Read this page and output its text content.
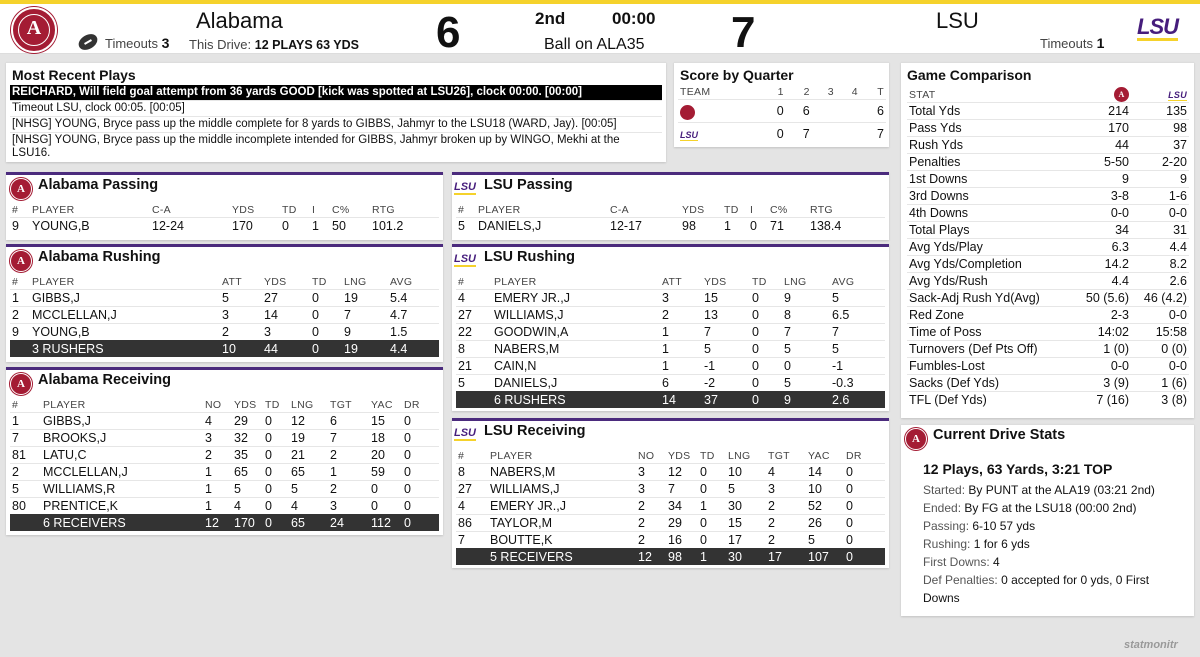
A	Alabama
Timeouts 3 This Drive: 12 PLAYS 63 YDS 6	2nd	00:00
Ball on ALA35 7	LSU
Timeouts 1
LSU
Most Recent Plays
REICHARD, Will field goal attempt from 36 yards GOOD [kick was spotted at LSU26], clock 00:00. [00:00]
Timeout LSU, clock 00:05. [00:05]
[NHSG] YOUNG, Bryce pass up the middle complete for 8 yards to GIBBS, Jahmyr to the LSU18 (WARD, Jay). [00:05]
[NHSG] YOUNG, Bryce pass up the middle incomplete intended for GIBBS, Jahmyr broken up by WINGO, Mekhi at the LSU16.
Score by Quarter
TEAM	1	2	3	4	T
	0	6			6
LSU	0	7			7
Game Comparison
STAT	A	LSU
Total Yds	214	135
Pass Yds	170	98
Rush Yds	44	37
Penalties	5-50	2-20
1st Downs	9	9
3rd Downs	3-8	1-6
4th Downs	0-0	0-0
Total Plays	34	31
Avg Yds/Play	6.3	4.4
Avg Yds/Completion	14.2	8.2
Avg Yds/Rush	4.4	2.6
Sack-Adj Rush Yd(Avg)	50 (5.6)	46 (4.2)
Red Zone	2-3	0-0
Time of Poss	14:02	15:58
Turnovers (Def Pts Off)	1 (0)	0 (0)
Fumbles-Lost	0-0	0-0
Sacks (Def Yds)	3 (9)	1 (6)
TFL (Def Yds)	7 (16)	3 (8)
A Alabama Passing
#	PLAYER	C-A	YDS	TD	I	C%	RTG
9	YOUNG,B	12-24	170	0	1	50	101.2
LSU LSU Passing
#	PLAYER	C-A	YDS	TD	I	C%	RTG
5	DANIELS,J	12-17	98	1	0	71	138.4
A Alabama Rushing
#	PLAYER	ATT	YDS	TD	LNG	AVG
1	GIBBS,J	5	27	0	19	5.4
2	MCCLELLAN,J	3	14	0	7	4.7
9	YOUNG,B	2	3	0	9	1.5
	3 RUSHERS	10	44	0	19	4.4
LSU LSU Rushing
#	PLAYER	ATT	YDS	TD	LNG	AVG
4	EMERY JR.,J	3	15	0	9	5
27	WILLIAMS,J	2	13	0	8	6.5
22	GOODWIN,A	1	7	0	7	7
8	NABERS,M	1	5	0	5	5
21	CAIN,N	1	-1	0	0	-1
5	DANIELS,J	6	-2	0	5	-0.3
	6 RUSHERS	14	37	0	9	2.6
A Alabama Receiving
#	PLAYER	NO	YDS	TD	LNG	TGT	YAC	DR
1	GIBBS,J	4	29	0	12	6	15	0
7	BROOKS,J	3	32	0	19	7	18	0
81	LATU,C	2	35	0	21	2	20	0
2	MCCLELLAN,J	1	65	0	65	1	59	0
5	WILLIAMS,R	1	5	0	5	2	0	0
80	PRENTICE,K	1	4	0	4	3	0	0
	6 RECEIVERS	12	170	0	65	24	112	0
LSU LSU Receiving
#	PLAYER	NO	YDS	TD	LNG	TGT	YAC	DR
8	NABERS,M	3	12	0	10	4	14	0
27	WILLIAMS,J	3	7	0	5	3	10	0
4	EMERY JR.,J	2	34	1	30	2	52	0
86	TAYLOR,M	2	29	0	15	2	26	0
7	BOUTTE,K	2	16	0	17	2	5	0
	5 RECEIVERS	12	98	1	30	17	107	0
A Current Drive Stats
12 Plays, 63 Yards, 3:21 TOP
Started: By PUNT at the ALA19 (03:21 2nd)
Ended: By FG at the LSU18 (00:00 2nd)
Passing: 6-10 57 yds
Rushing: 1 for 6 yds
First Downs: 4
Def Penalties: 0 accepted for 0 yds, 0 First Downs
statmonitr
